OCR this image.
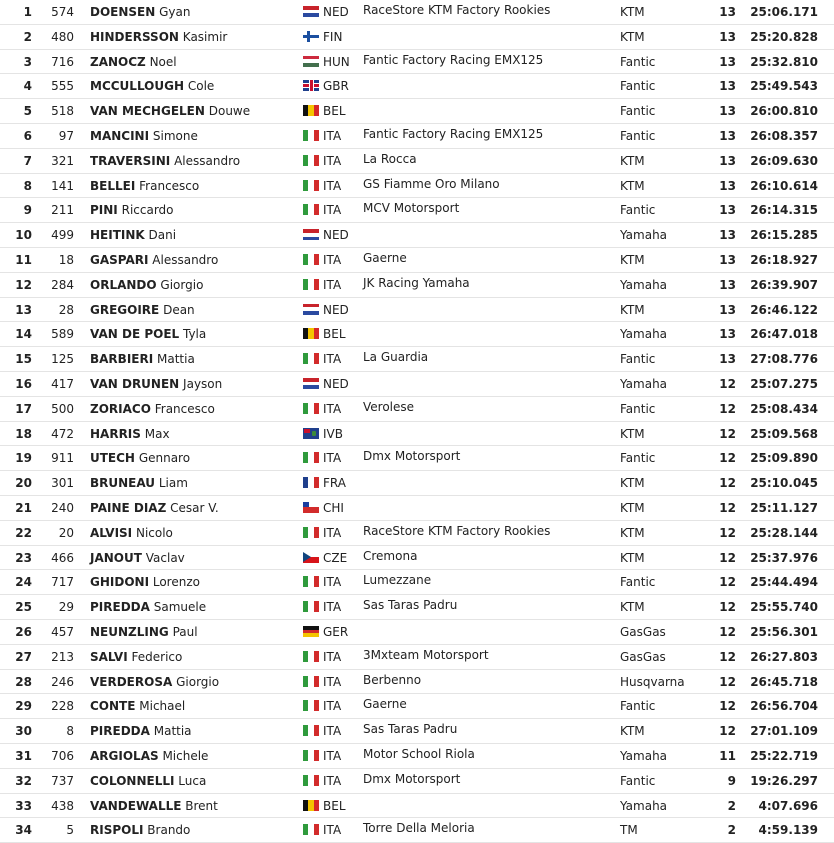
1 574 DOENSEN Gyan	NED RaceStore KTM Factory Rookies	KTM	13 25:06.171
2 480 HINDERSSON Kasimir	FIN	KTM	13 25:20.828
3 716 ZANOCZ Noel	HUN Fantic Factory Racing EMX125	Fantic	13 25:32.810
4 555 MCCULLOUGH Cole	GBR	Fantic	13 25:49.543
5 518 VAN MECHGELEN Douwe	BEL	Fantic	13 26:00.810
6 97 MANCINI Simone	ITA Fantic Factory Racing EMX125	Fantic	13 26:08.357
7 321 TRAVERSINI Alessandro	ITA La Rocca	KTM	13 26:09.630
8 141 BELLEI Francesco	ITA GS Fiamme Oro Milano	KTM	13 26:10.614
9 211 PINI Riccardo	ITA MCV Motorsport	Fantic	13 26:14.315
10 499 HEITINK Dani	NED	Yamaha	13 26:15.285
11 18 GASPARI Alessandro	ITA Gaerne	KTM	13 26:18.927
12 284 ORLANDO Giorgio	ITA JK Racing Yamaha	Yamaha	13 26:39.907
13 28 GREGOIRE Dean	NED	KTM	13 26:46.122
14 589 VAN DE POEL Tyla	BEL	Yamaha	13 26:47.018
15 125 BARBIERI Mattia	ITA La Guardia	Fantic	13 27:08.776
16 417 VAN DRUNEN Jayson	NED	Yamaha	12 25:07.275
17 500 ZORIACO Francesco	ITA Verolese	Fantic	12 25:08.434
18 472 HARRIS Max	IVB	KTM	12 25:09.568
19 911 UTECH Gennaro	ITA Dmx Motorsport	Fantic	12 25:09.890
20 301 BRUNEAU Liam	FRA	KTM	12 25:10.045
21 240 PAINE DIAZ Cesar V.	CHI	KTM	12 25:11.127
22 20 ALVISI Nicolo	ITA RaceStore KTM Factory Rookies	KTM	12 25:28.144
23 466 JANOUT Vaclav	CZE Cremona	KTM	12 25:37.976
24 717 GHIDONI Lorenzo	ITA Lumezzane	Fantic	12 25:44.494
25 29 PIREDDA Samuele	ITA Sas Taras Padru	KTM	12 25:55.740
26 457 NEUNZLING Paul	GER	GasGas	12 25:56.301
27 213 SALVI Federico	ITA 3Mxteam Motorsport	GasGas	12 26:27.803
28 246 VERDEROSA Giorgio	ITA Berbenno	Husqvarna	12 26:45.718
29 228 CONTE Michael	ITA Gaerne	Fantic	12 26:56.704
30	8 PIREDDA Mattia	ITA Sas Taras Padru	KTM	12 27:01.109
31 706 ARGIOLAS Michele	ITA Motor School Riola	Yamaha	11 25:22.719
32 737 COLONNELLI Luca	ITA Dmx Motorsport	Fantic	9 19:26.297
33 438 VANDEWALLE Brent	BEL	Yamaha	2 4:07.696
34	5 RISPOLI Brando	ITA Torre Della Meloria	TM	2 4:59.139
